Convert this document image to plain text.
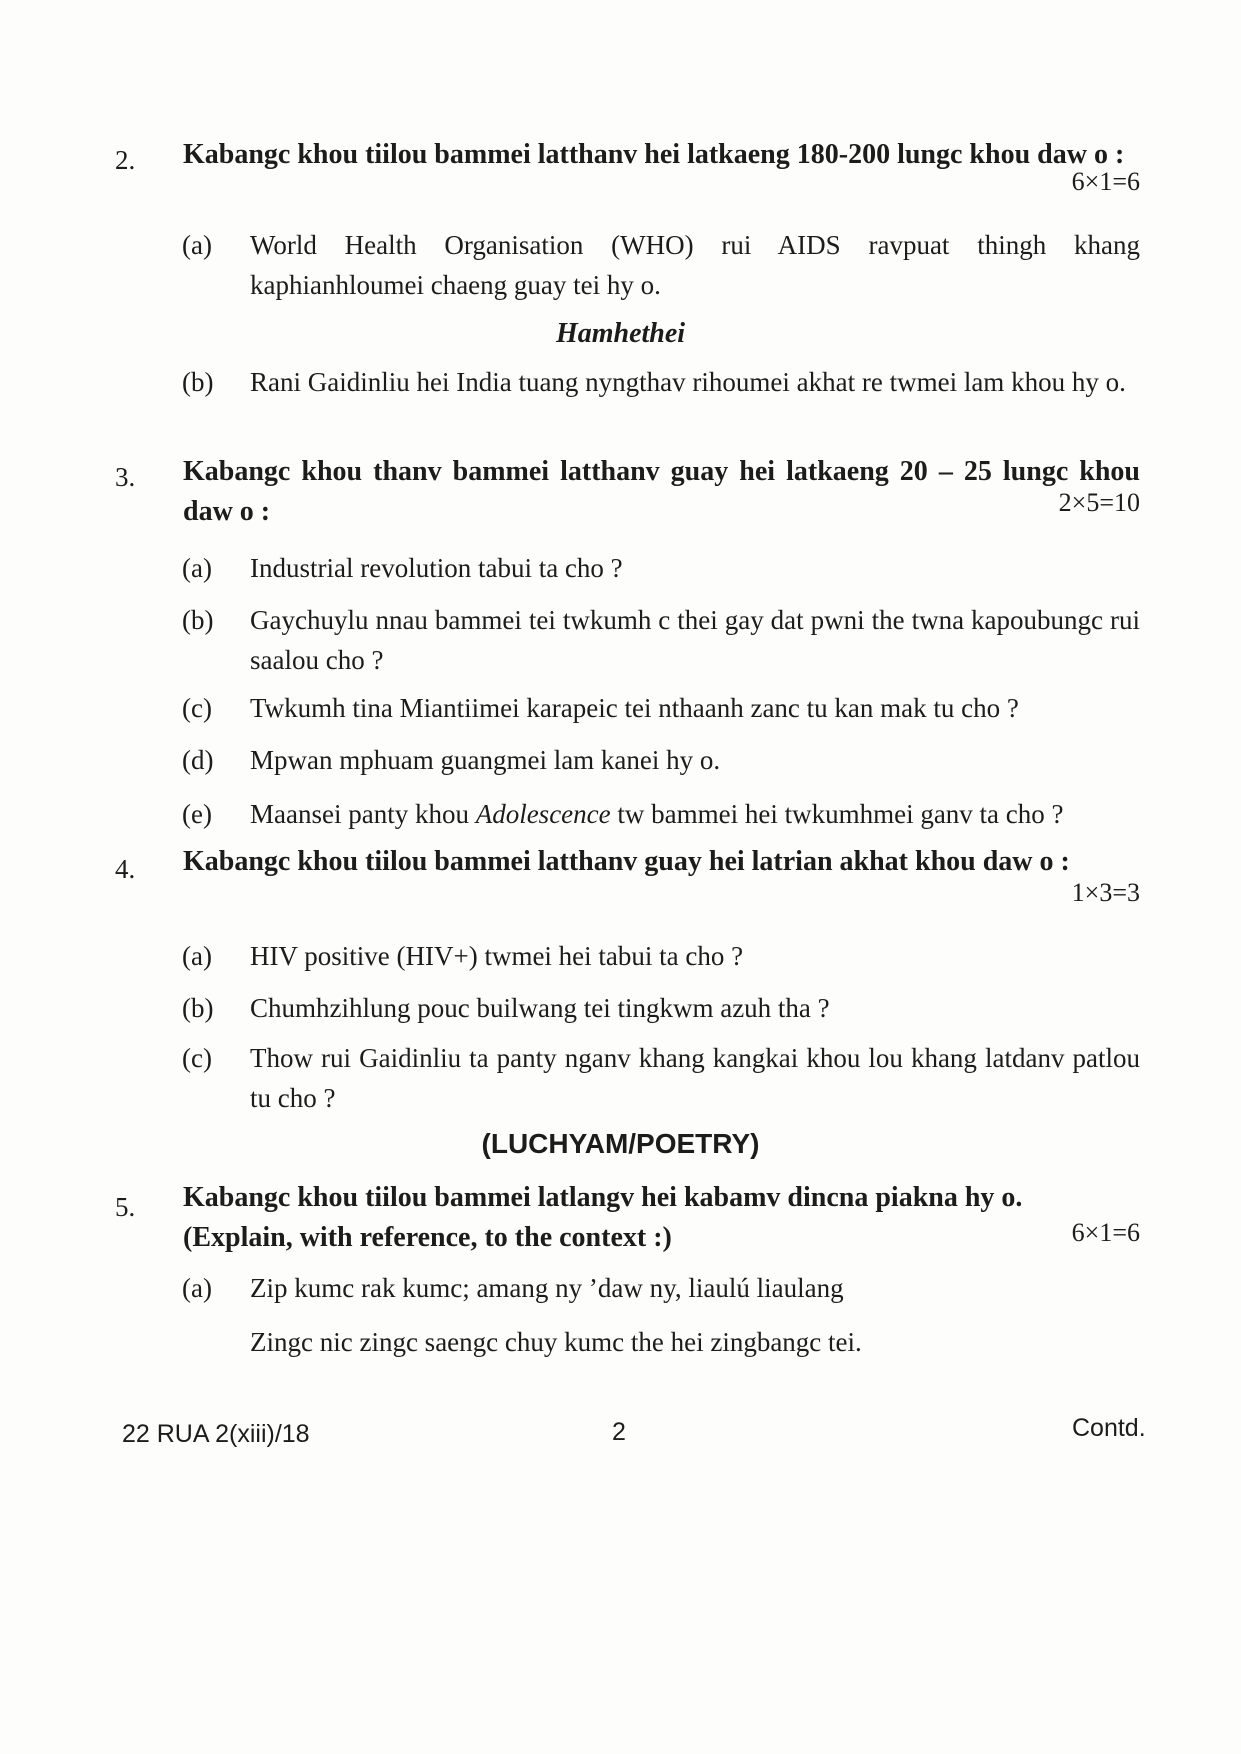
2. Kabangc khou tiilou bammei latthanv hei latkaeng 180-200 lungc khou daw o :
6×1=6
(a) World Health Organisation (WHO) rui AIDS ravpuat thingh khang kaphianhloumei chaeng guay tei hy o.
Hamhethei
(b) Rani Gaidinliu hei India tuang nyngthav rihoumei akhat re twmei lam khou hy o.
3. Kabangc khou thanv bammei latthanv guay hei latkaeng 20 – 25 lungc khou daw o :	2×5=10
(a) Industrial revolution tabui ta cho ?
(b) Gaychuylu nnau bammei tei twkumh c thei gay dat pwni the twna kapoubungc rui saalou cho ?
(c) Twkumh tina Miantiimei karapeic tei nthaanh zanc tu kan mak tu cho ?
(d) Mpwan mphuam guangmei lam kanei hy o.
(e) Maansei panty khou Adolescence tw bammei hei twkumhmei ganv ta cho ?
4. Kabangc khou tiilou bammei latthanv guay hei latrian akhat khou daw o :
1×3=3
(a) HIV positive (HIV+) twmei hei tabui ta cho ?
(b) Chumhzihlung pouc builwang tei tingkwm azuh tha ?
(c) Thow rui Gaidinliu ta panty nganv khang kangkai khou lou khang latdanv patlou tu cho ?
(LUCHYAM/POETRY)
5. Kabangc khou tiilou bammei latlangv hei kabamv dincna piakna hy o.
(Explain, with reference, to the context :)	6×1=6
(a) Zip kumc rak kumc; amang ny ’daw ny, liaulú liaulang
Zingc nic zingc saengc chuy kumc the hei zingbangc tei.
22 RUA 2(xiii)/18	2	Contd.
